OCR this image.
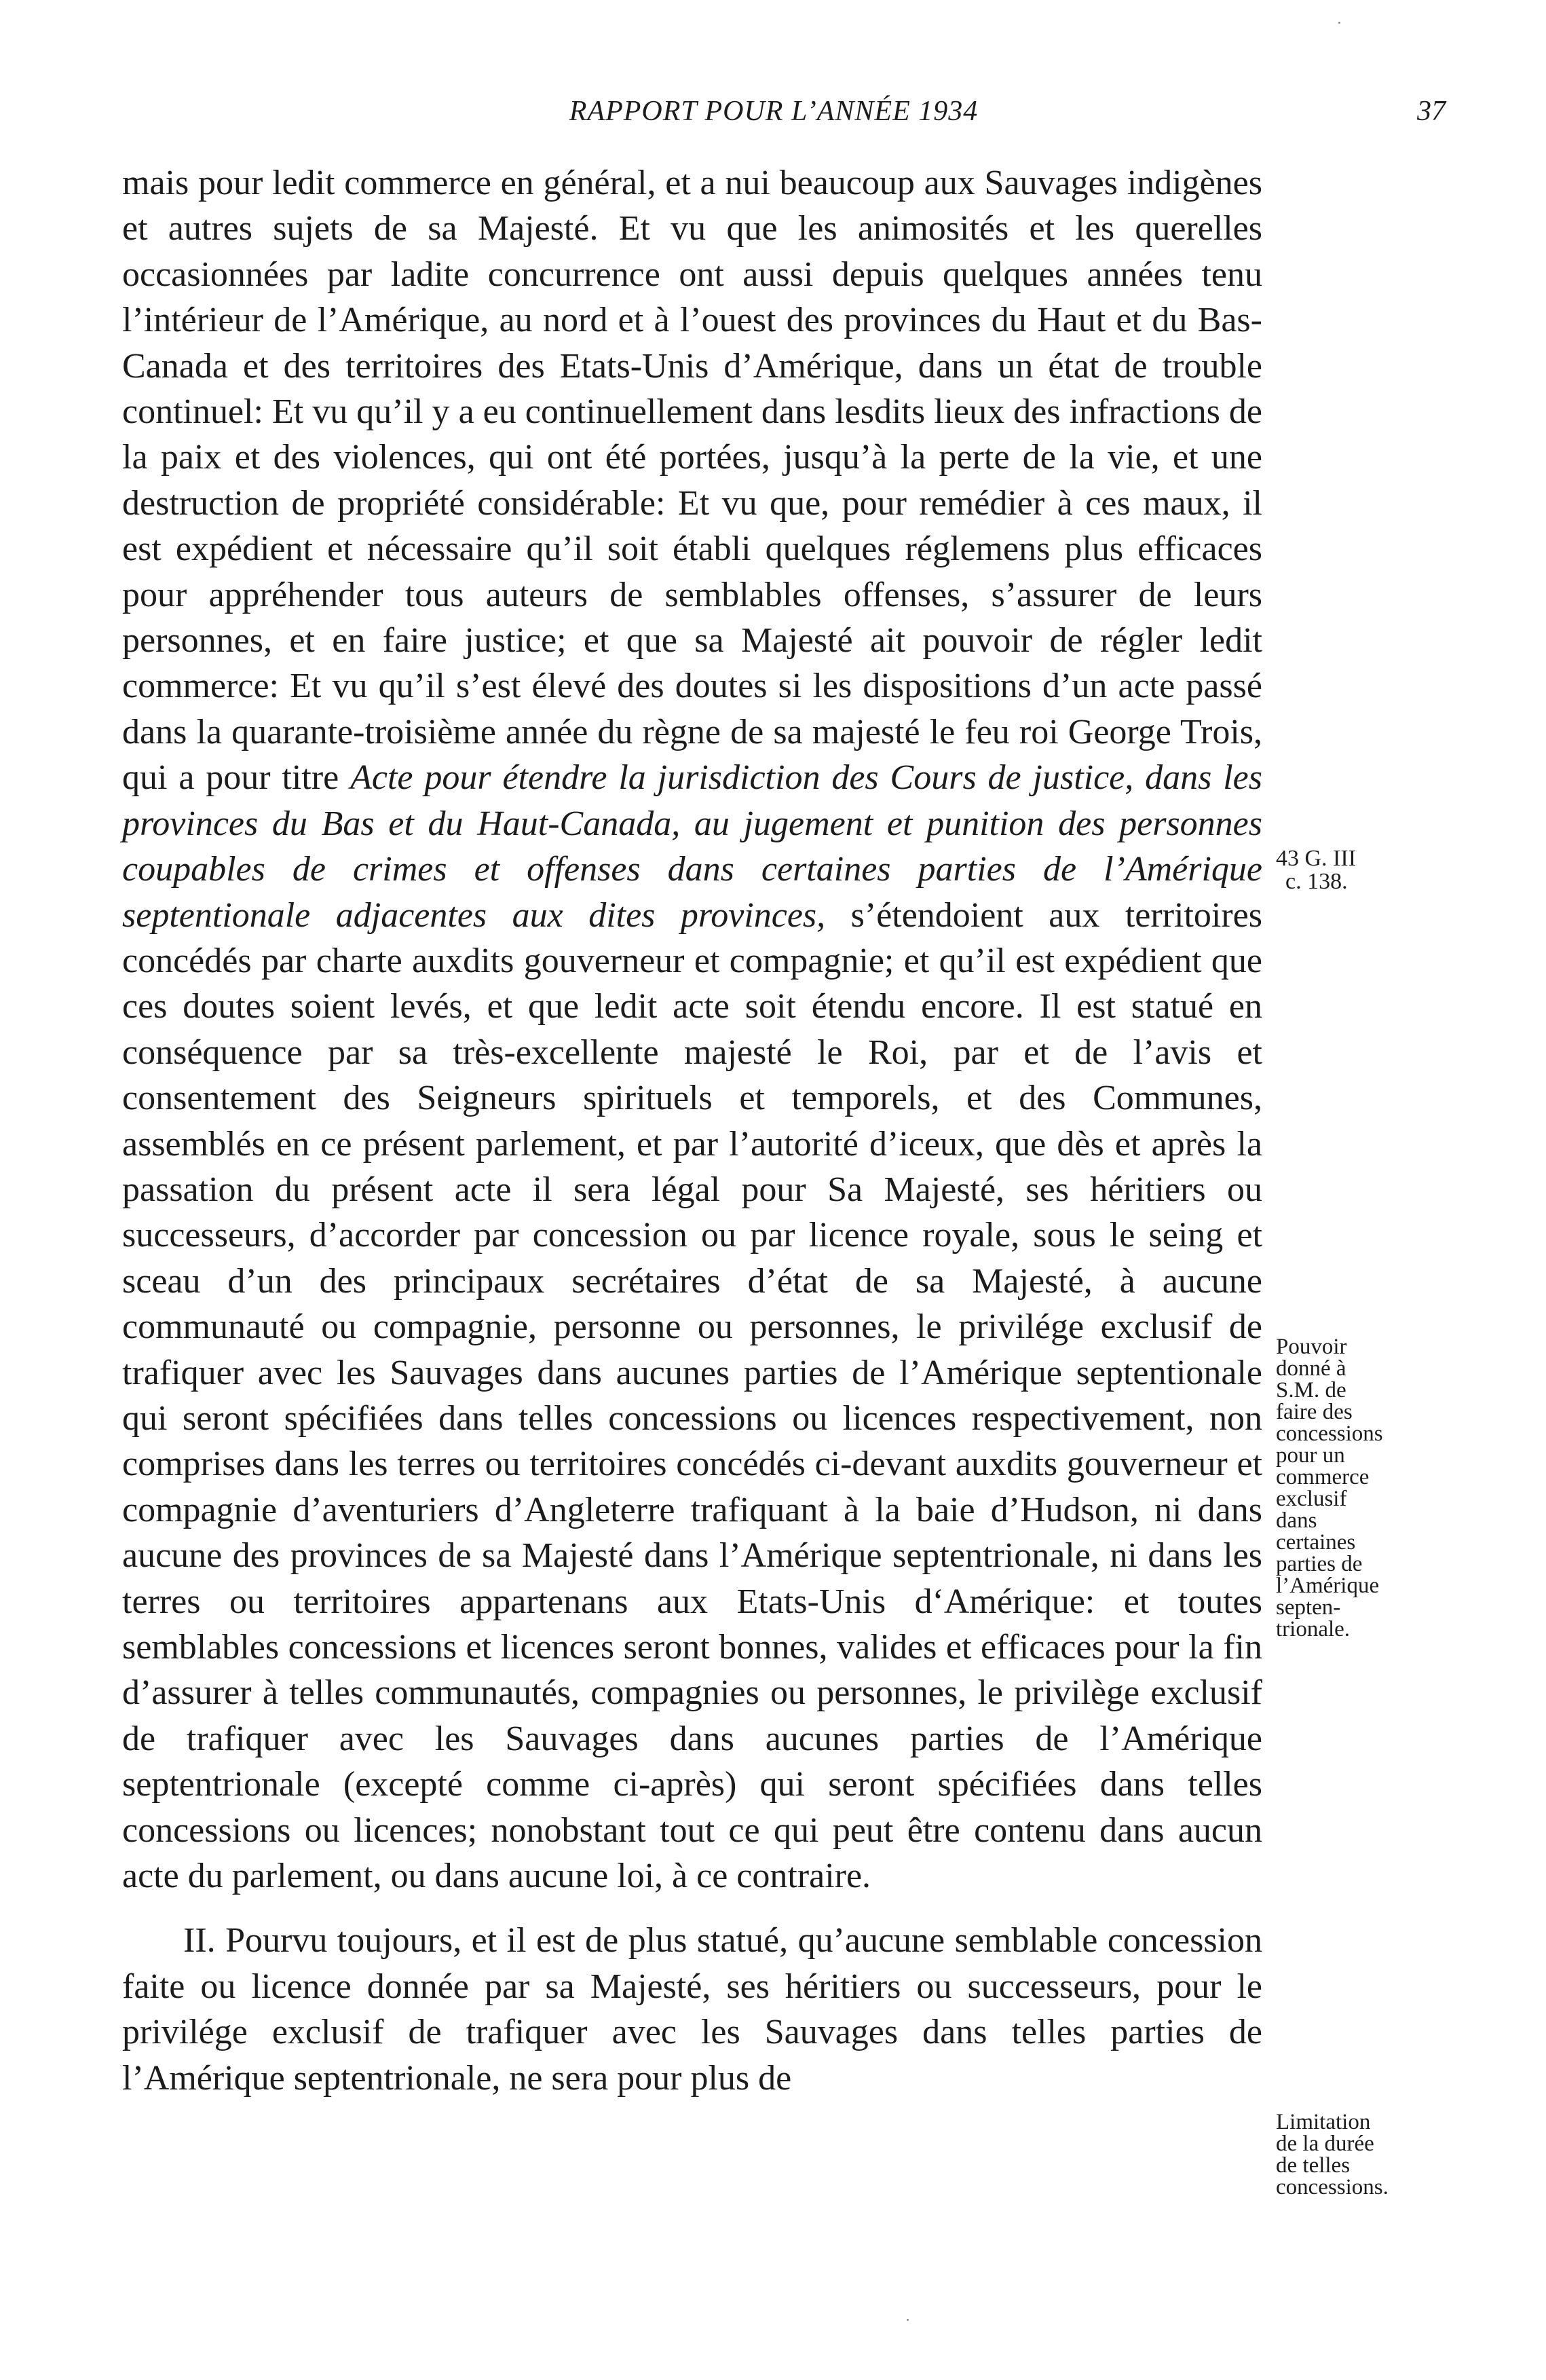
RAPPORT POUR L’ANNÉE 1934	37

mais pour ledit commerce en général, et a nui beaucoup aux Sauvages indigènes et autres sujets de sa Majesté. Et vu que les animosités et les querelles occasionnées par ladite concurrence ont aussi depuis quelques années tenu l’intérieur de l’Amérique, au nord et à l’ouest des provinces du Haut et du Bas-Canada et des territoires des Etats-Unis d’Amérique, dans un état de trouble continuel: Et vu qu’il y a eu continuellement dans lesdits lieux des infractions de la paix et des violences, qui ont été portées, jusqu’à la perte de la vie, et une destruction de propriété considérable: Et vu que, pour remédier à ces maux, il est expédient et nécessaire qu’il soit établi quelques réglemens plus efficaces pour appréhender tous auteurs de semblables offenses, s’assurer de leurs personnes, et en faire justice; et que sa Majesté ait pouvoir de régler ledit commerce: Et vu qu’il s’est élevé des doutes si les dispositions d’un acte passé dans la quarante-troisième année du règne de sa majesté le feu roi George Trois, qui a pour titre Acte pour étendre la jurisdiction des Cours de justice, dans les provinces du Bas et du Haut-Canada, au jugement et punition des personnes coupables de crimes et offenses dans certaines parties de l’Amérique septentionale adjacentes aux dites provinces, s’étendoient aux territoires concédés par charte auxdits gouverneur et compagnie; et qu’il est expédient que ces doutes soient levés, et que ledit acte soit étendu encore. Il est statué en conséquence par sa très-excellente majesté le Roi, par et de l’avis et consentement des Seigneurs spirituels et temporels, et des Communes, assemblés en ce présent parlement, et par l’autorité d’iceux, que dès et après la passation du présent acte il sera légal pour Sa Majesté, ses héritiers ou successeurs, d’accorder par concession ou par licence royale, sous le seing et sceau d’un des principaux secrétaires d’état de sa Majesté, à aucune communauté ou compagnie, personne ou personnes, le privilége exclusif de trafiquer avec les Sauvages dans aucunes parties de l’Amérique septentionale qui seront spécifiées dans telles concessions ou licences respectivement, non comprises dans les terres ou territoires concédés ci-devant auxdits gouverneur et compagnie d’aventuriers d’Angleterre trafiquant à la baie d’Hudson, ni dans aucune des provinces de sa Majesté dans l’Amérique septentrionale, ni dans les terres ou territoires appartenans aux Etats-Unis d‘Amérique: et toutes semblables concessions et licences seront bonnes, valides et efficaces pour la fin d’assurer à telles communautés, compagnies ou personnes, le privilège exclusif de trafiquer avec les Sauvages dans aucunes parties de l’Amérique septentrionale (excepté comme ci-après) qui seront spécifiées dans telles concessions ou licences; nonobstant tout ce qui peut être contenu dans aucun acte du parlement, ou dans aucune loi, à ce contraire.

II. Pourvu toujours, et il est de plus statué, qu’aucune semblable concession faite ou licence donnée par sa Majesté, ses héritiers ou successeurs, pour le privilége exclusif de trafiquer avec les Sauvages dans telles parties de l’Amérique septentrionale, ne sera pour plus de

43 G. III
c. 138.
Pouvoir
donné à
S.M. de
faire des
concessions
pour un
commerce
exclusif
dans
certaines
parties de
l’Amérique
septen-
trionale.
Limitation
de la durée
de telles
concessions.
